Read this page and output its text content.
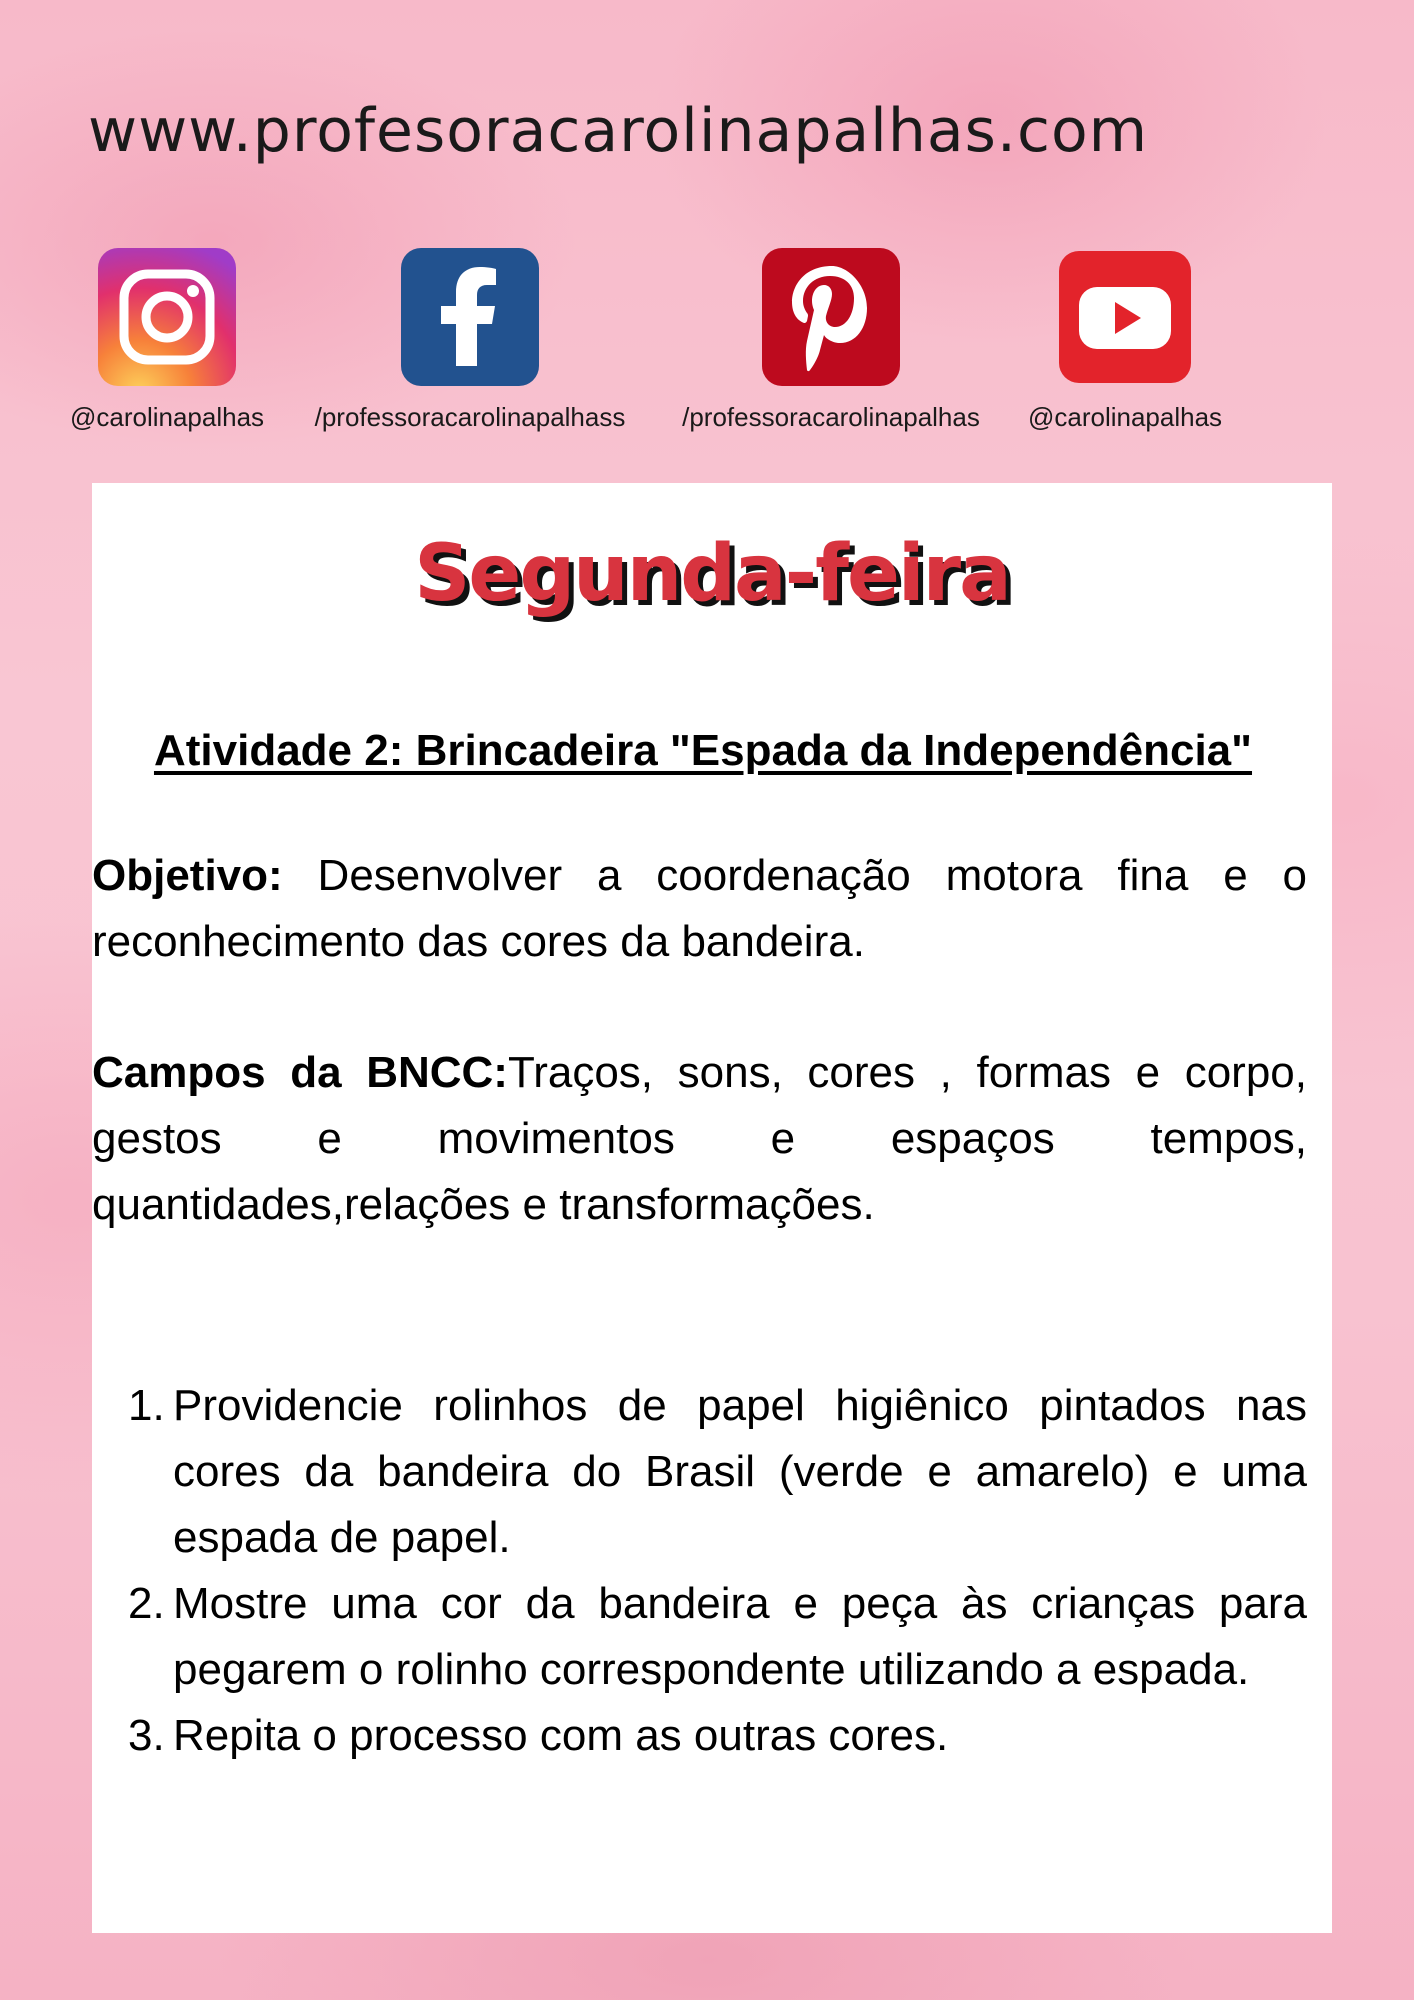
www.profesoracarolinapalhas.com
@carolinapalhas	/professoracarolinapalhass	/professoracarolinapalhas	@carolinapalhas
Segunda-feira
Atividade 2: Brincadeira "Espada da Independência"
Objetivo: Desenvolver a coordenação motora fina e o reconhecimento das cores da bandeira.
Campos da BNCC:Traços, sons, cores , formas e corpo, gestos e movimentos e espaços tempos, quantidades,relações e transformações.
1. Providencie rolinhos de papel higiênico pintados nas cores da bandeira do Brasil (verde e amarelo) e uma espada de papel.
2. Mostre uma cor da bandeira e peça às crianças para pegarem o rolinho correspondente utilizando a espada.
3. Repita o processo com as outras cores.
